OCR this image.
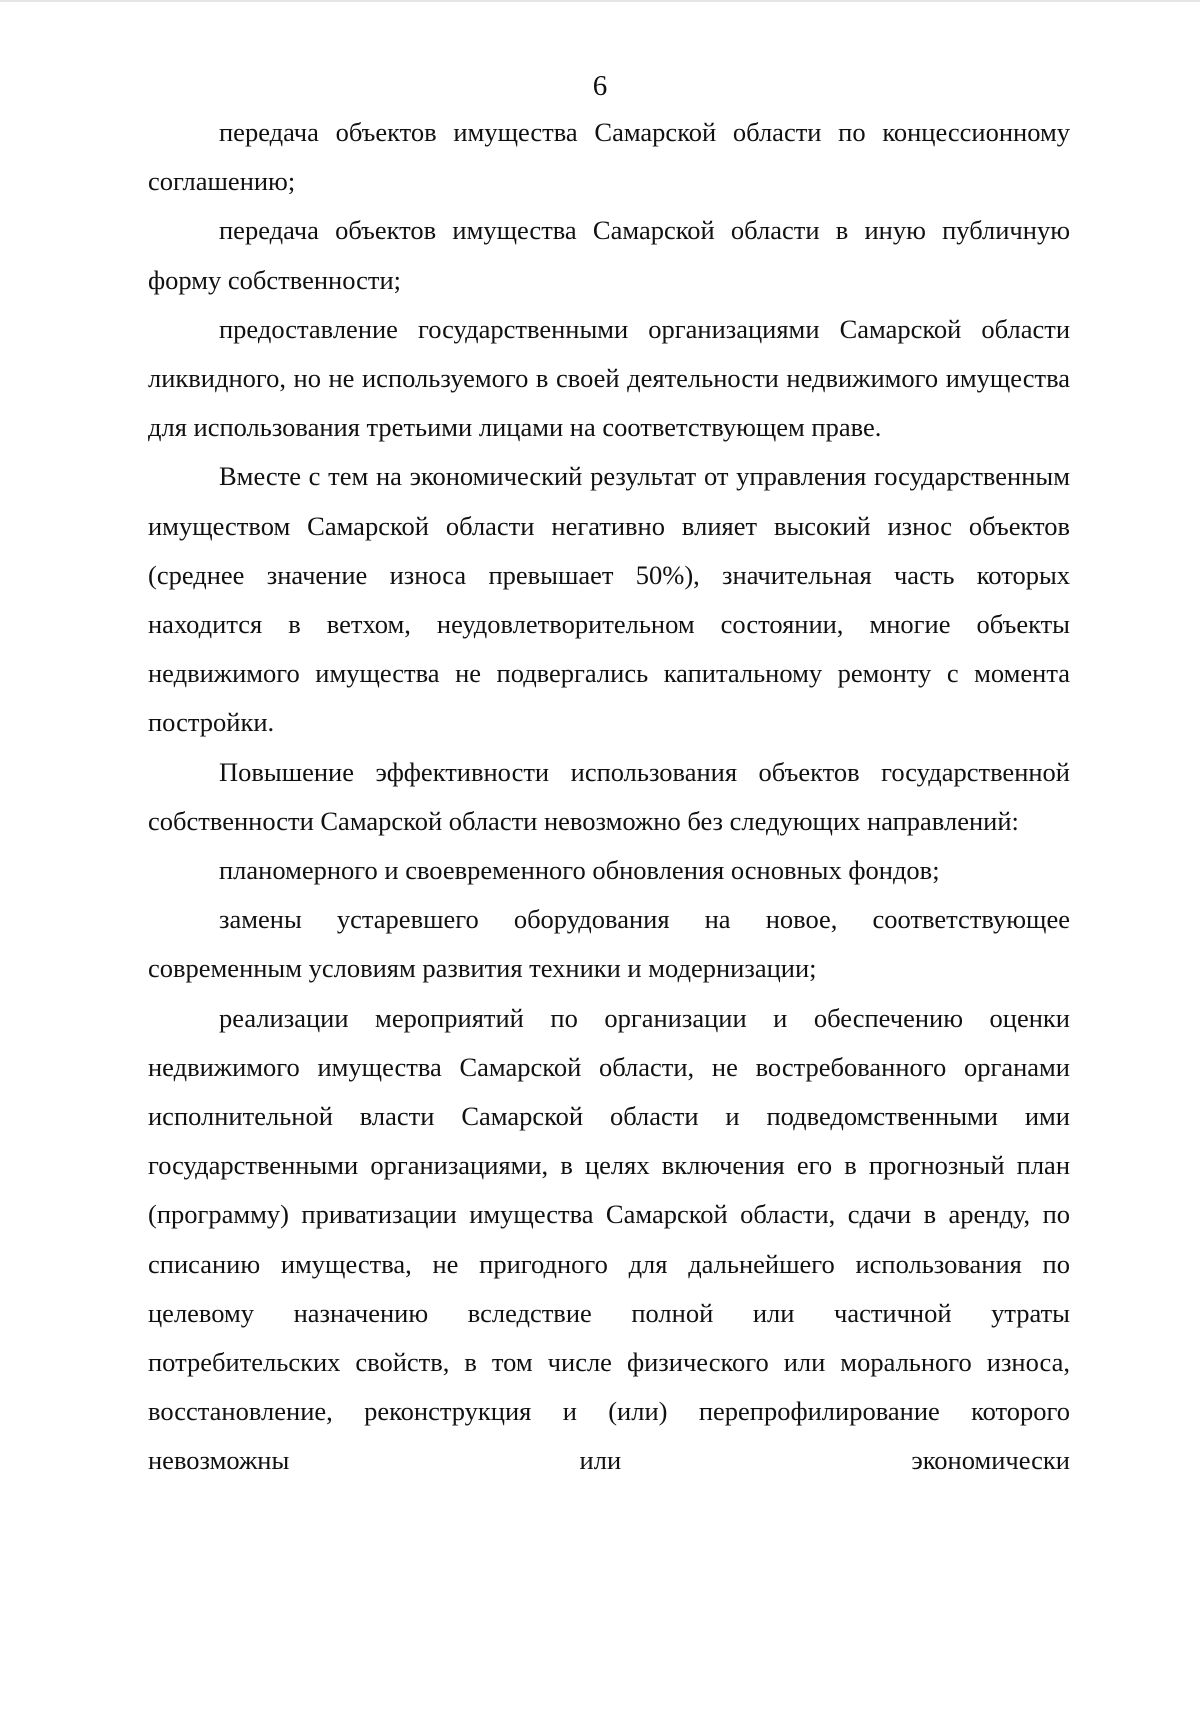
6

передача объектов имущества Самарской области по концессионному соглашению;

передача объектов имущества Самарской области в иную публичную форму собственности;

предоставление государственными организациями Самарской области ликвидного, но не используемого в своей деятельности недвижимого имущества для использования третьими лицами на соответствующем праве.

Вместе с тем на экономический результат от управления государственным имуществом Самарской области негативно влияет высокий износ объектов (среднее значение износа превышает 50%), значительная часть которых находится в ветхом, неудовлетворительном состоянии, многие объекты недвижимого имущества не подвергались капитальному ремонту с момента постройки.

Повышение эффективности использования объектов государственной собственности Самарской области невозможно без следующих направлений:

планомерного и своевременного обновления основных фондов;

замены устаревшего оборудования на новое, соответствующее современным условиям развития техники и модернизации;

реализации мероприятий по организации и обеспечению оценки недвижимого имущества Самарской области, не востребованного органами исполнительной власти Самарской области и подведомственными ими государственными организациями, в целях включения его в прогнозный план (программу) приватизации имущества Самарской области, сдачи в аренду, по списанию имущества, не пригодного для дальнейшего использования по целевому назначению вследствие полной или частичной утраты потребительских свойств, в том числе физического или морального износа, восстановление, реконструкция и (или) перепрофилирование которого невозможны или экономически
